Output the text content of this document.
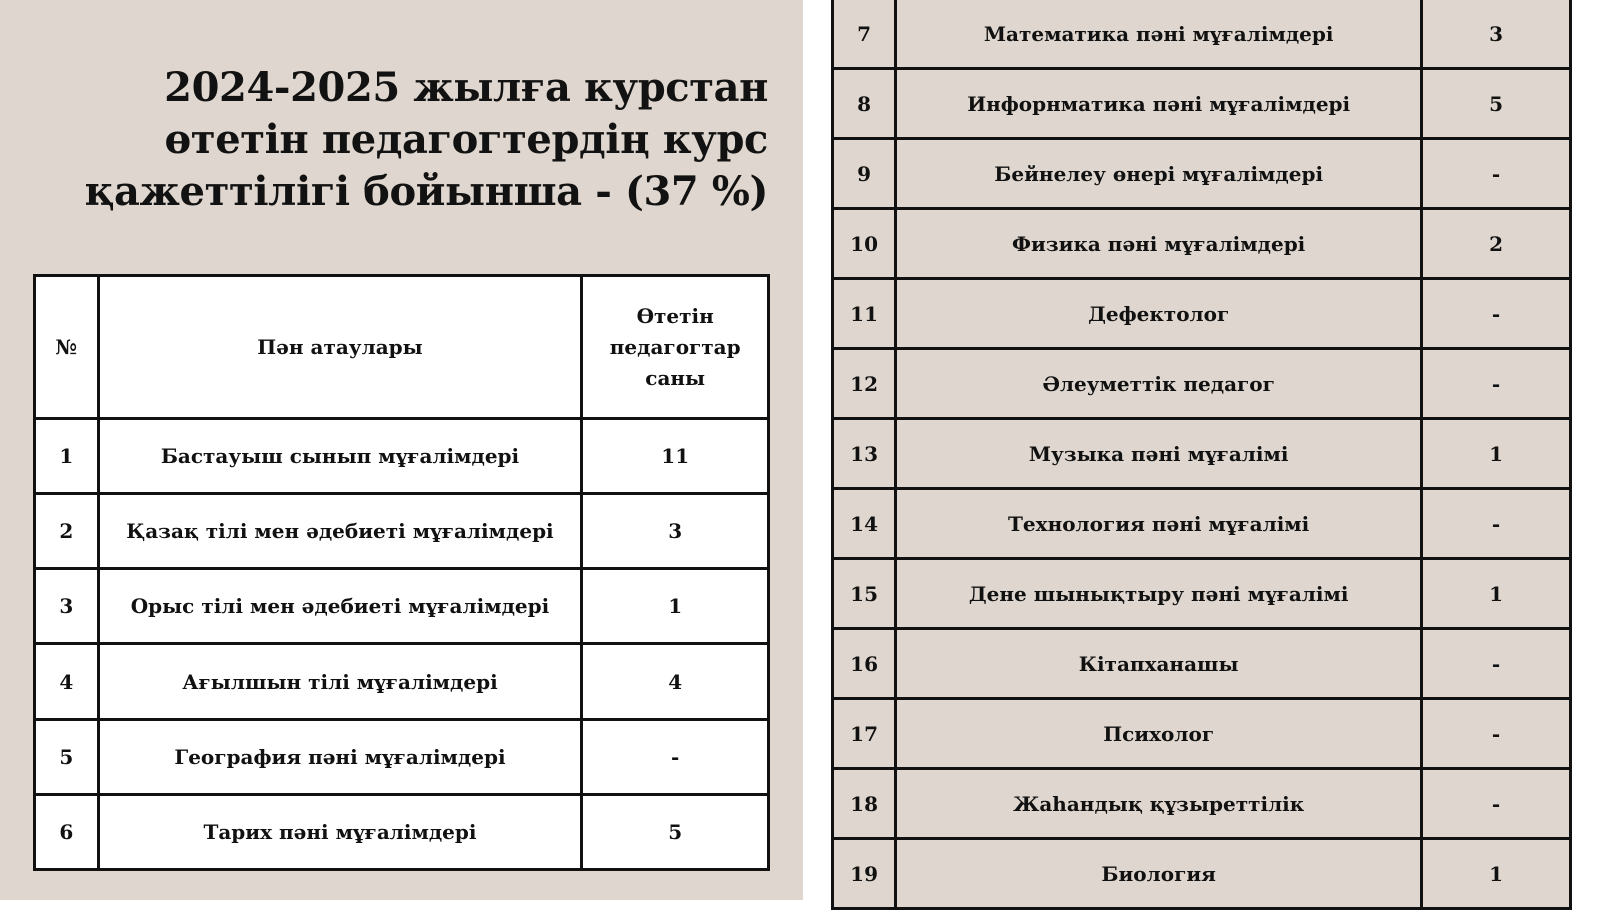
2024-2025 жылға курстан
өтетін педагогтердің курс
қажеттілігі бойынша - (37 %)
№	Пән атаулары	Өтетін
педагогтар
саны

1	Бастауыш сынып мұғалімдері	11
2	Қазақ тілі мен әдебиеті мұғалімдері	3
3	Орыс тілі мен әдебиеті мұғалімдері	1
4	Ағылшын тілі мұғалімдері	4
5	География пәні мұғалімдері	-
6	Тарих пәні мұғалімдері	5
7	Математика пәні мұғалімдері	3
8	Инфорнматика пәні мұғалімдері	5
9	Бейнелеу өнері мұғалімдері	-
10	Физика пәні мұғалімдері	2
11	Дефектолог	-
12	Әлеуметтік педагог	-
13	Музыка пәні мұғалімі	1
14	Технология пәні мұғалімі	-
15	Дене шынықтыру пәні мұғалімі	1
16	Кітапханашы	-
17	Психолог	-
18	Жаһандық құзыреттілік	-
19	Биология	1
